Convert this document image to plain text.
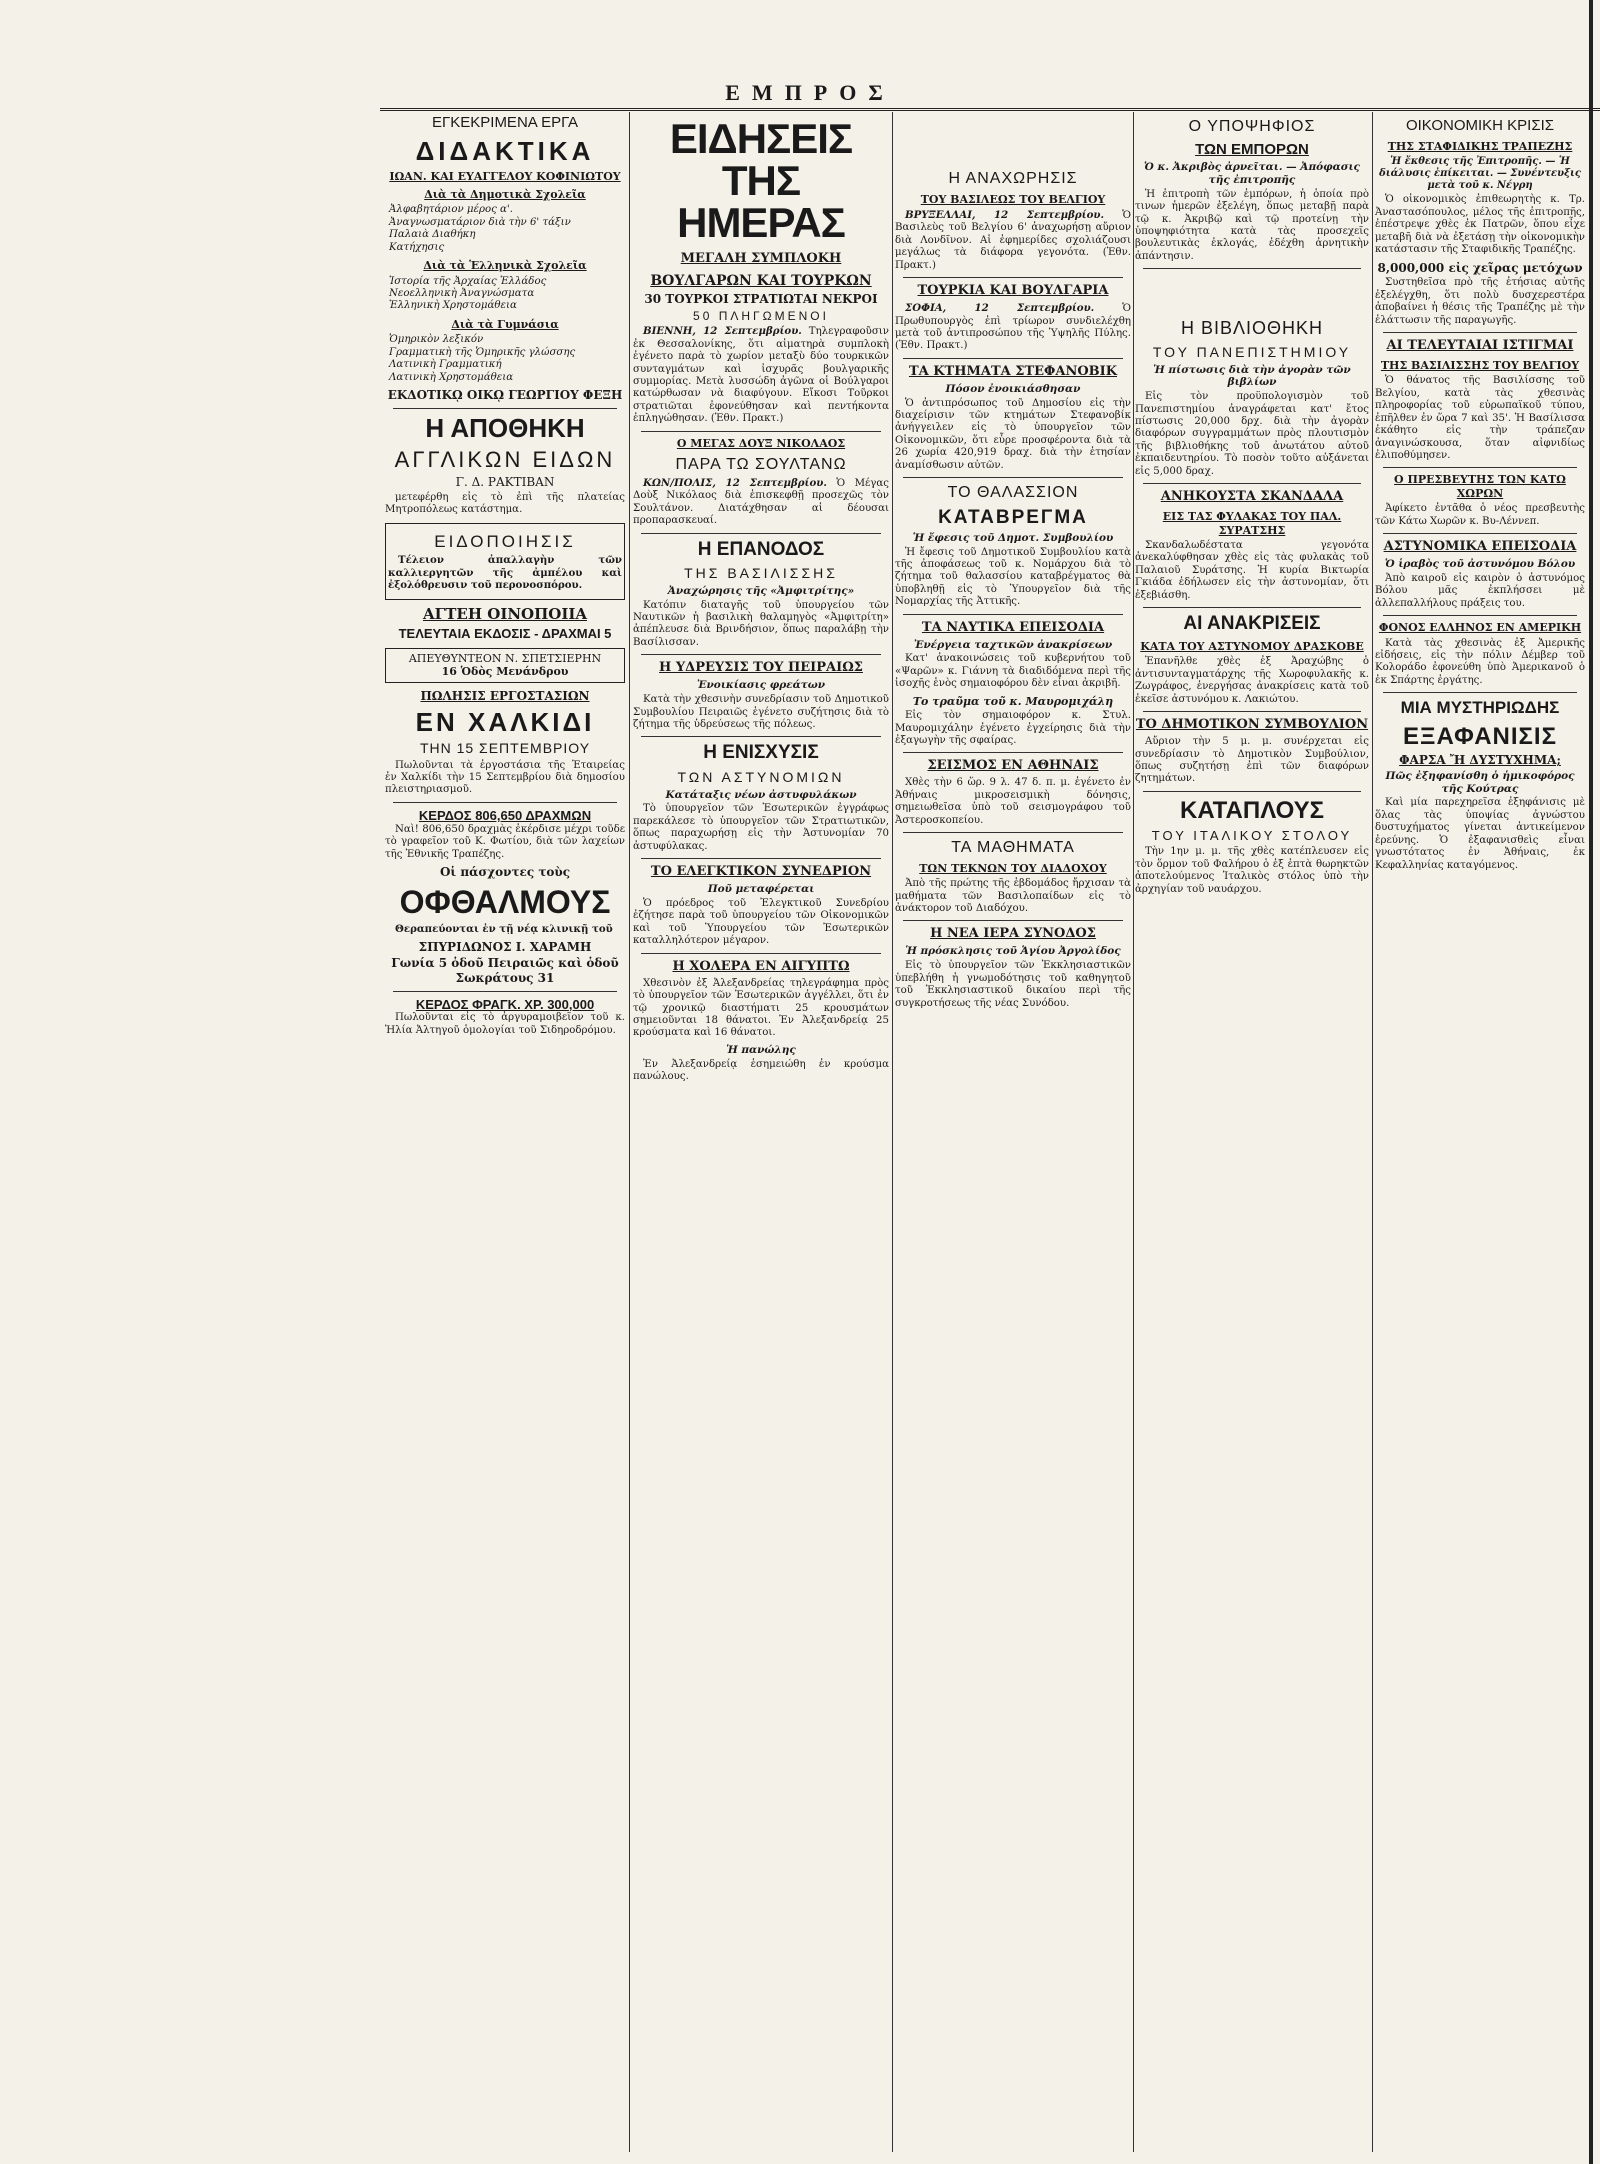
ΕΜΠΡΟΣ
ΕΓΚΕΚΡΙΜΕΝΑ ΕΡΓΑ
ΔΙΔΑΚΤΙΚΑ
ΙΩΑΝ. ΚΑΙ ΕΥΑΓΓΕΛΟΥ ΚΟΦΙΝΙΩΤΟΥ
Διὰ τὰ Δημοτικὰ Σχολεῖα
Ἀλφαβητάριον μέρος α'.
Ἀναγνωσματάριον διὰ τὴν 6' τάξιν
Παλαιὰ Διαθήκη
Κατήχησις
Διὰ τὰ Ἑλληνικὰ Σχολεῖα
Ἱστορία τῆς Ἀρχαίας Ἑλλάδος
Νεοελληνικὴ Ἀναγνώσματα
Ἑλληνικὴ Χρηστομάθεια
Διὰ τὰ Γυμνάσια
Ὁμηρικὸν λεξικόν
Γραμματικὴ τῆς Ὁμηρικῆς γλώσσης
Λατινικὴ Γραμματική
Λατινικὴ Χρηστομάθεια
ΕΚΔΟΤΙΚῼ ΟΙΚῼ ΓΕΩΡΓΙΟΥ ΦΕΞΗ
Η ΑΠΟΘΗΚΗ
ΑΓΓΛΙΚΩΝ ΕΙΔΩΝ
Γ. Δ. ΡΑΚΤΙΒΑΝ

μετεφέρθη εἰς τὸ ἐπὶ τῆς πλατείας Μητροπόλεως κατάστημα.

ΕΙΔΟΠΟΙΗΣΙΣ

Τέλειον ἀπαλλαγὴν τῶν καλλιεργητῶν τῆς ἀμπέλου καὶ ἐξολόθρευσιν τοῦ περονοσπόρου.

ΑΓΤΕΗ ΟΙΝΟΠΟΙΙΑ
ΤΕΛΕΥΤΑΙΑ ΕΚΔΟΣΙΣ - ΔΡΑΧΜΑΙ 5
ΑΠΕΥΘΥΝΤΕΟΝ Ν. ΣΠΕΤΣΙΕΡΗΝ
16 Ὁδὸς Μενάνδρου
ΠΩΛΗΣΙΣ ΕΡΓΟΣΤΑΣΙΩΝ
ΕΝ ΧΑΛΚΙΔΙ
ΤΗΝ 15 ΣΕΠΤΕΜΒΡΙΟΥ

Πωλοῦνται τὰ ἐργοστάσια τῆς Ἑταιρείας ἐν Χαλκίδι τὴν 15 Σεπτεμβρίου διὰ δημοσίου πλειστηριασμοῦ.

ΚΕΡΔΟΣ 806,650 ΔΡΑΧΜΩΝ

Ναὶ! 806,650 δραχμὰς ἐκέρδισε μέχρι τοῦδε τὸ γραφεῖον τοῦ Κ. Φωτίου, διὰ τῶν λαχείων τῆς Ἐθνικῆς Τραπέζης.

Οἱ πάσχοντες τοὺς
ΟΦΘΑΛΜΟΥΣ

Θεραπεύονται ἐν τῇ νέᾳ κλινικῇ τοῦ

ΣΠΥΡΙΔΩΝΟΣ Ι. ΧΑΡΑΜΗ
Γωνία 5 ὁδοῦ Πειραιῶς καὶ ὁδοῦ Σωκράτους 31
ΚΕΡΔΟΣ ΦΡΑΓΚ. ΧΡ. 300,000

Πωλοῦνται εἰς τὸ ἀργυραμοιβεῖον τοῦ κ. Ἠλία Ἀλτηγοῦ ὁμολογίαι τοῦ Σιδηροδρόμου.

ΕΙΔΗΣΕΙΣ ΤΗΣ ΗΜΕΡΑΣ
ΜΕΓΑΛΗ ΣΥΜΠΛΟΚΗ
ΒΟΥΛΓΑΡΩΝ ΚΑΙ ΤΟΥΡΚΩΝ
30 ΤΟΥΡΚΟΙ ΣΤΡΑΤΙΩΤΑΙ ΝΕΚΡΟΙ
50 ΠΛΗΓΩΜΕΝΟΙ

ΒΙΕΝΝΗ, 12 Σεπτεμβρίου. Τηλεγραφοῦσιν ἐκ Θεσσαλονίκης, ὅτι αἱματηρὰ συμπλοκὴ ἐγένετο παρὰ τὸ χωρίον μεταξὺ δύο τουρκικῶν συνταγμάτων καὶ ἰσχυρᾶς βουλγαρικῆς συμμορίας. Μετὰ λυσσώδη ἀγῶνα οἱ Βούλγαροι κατώρθωσαν νὰ διαφύγουν. Εἴκοσι Τοῦρκοι στρατιῶται ἐφονεύθησαν καὶ πεντήκοντα ἐπληγώθησαν. (Ἐθν. Πρακτ.)

Ο ΜΕΓΑΣ ΔΟΥΞ ΝΙΚΟΛΑΟΣ
ΠΑΡΑ ΤΩ ΣΟΥΛΤΑΝΩ

ΚΩΝ/ΠΟΛΙΣ, 12 Σεπτεμβρίου. Ὁ Μέγας Δοὺξ Νικόλαος διὰ ἐπισκεφθῇ προσεχῶς τὸν Σουλτάνον. Διατάχθησαν αἱ δέουσαι προπαρασκευαί.

Η ΕΠΑΝΟΔΟΣ
ΤΗΣ ΒΑΣΙΛΙΣΣΗΣ
Ἀναχώρησις τῆς «Ἀμφιτρίτης»

Κατόπιν διαταγῆς τοῦ ὑπουργείου τῶν Ναυτικῶν ἡ βασιλικὴ θαλαμηγὸς «Ἀμφιτρίτη» ἀπέπλευσε διὰ Βρινδήσιον, ὅπως παραλάβῃ τὴν Βασίλισσαν.

Η ΥΔΡΕΥΣΙΣ ΤΟΥ ΠΕΙΡΑΙΩΣ
Ἐνοικίασις φρεάτων

Κατὰ τὴν χθεσινὴν συνεδρίασιν τοῦ Δημοτικοῦ Συμβουλίου Πειραιῶς ἐγένετο συζήτησις διὰ τὸ ζήτημα τῆς ὑδρεύσεως τῆς πόλεως.

Η ΕΝΙΣΧΥΣΙΣ
ΤΩΝ ΑΣΤΥΝΟΜΙΩΝ
Κατάταξις νέων ἀστυφυλάκων

Τὸ ὑπουργεῖον τῶν Ἐσωτερικῶν ἐγγράφως παρεκάλεσε τὸ ὑπουργεῖον τῶν Στρατιωτικῶν, ὅπως παραχωρήσῃ εἰς τὴν Ἀστυνομίαν 70 ἀστυφύλακας.

ΤΟ ΕΛΕΓΚΤΙΚΟΝ ΣΥΝΕΔΡΙΟΝ
Ποῦ μεταφέρεται

Ὁ πρόεδρος τοῦ Ἐλεγκτικοῦ Συνεδρίου ἐζήτησε παρὰ τοῦ ὑπουργείου τῶν Οἰκονομικῶν καὶ τοῦ Ὑπουργείου τῶν Ἐσωτερικῶν καταλληλότερον μέγαρον.

Η ΧΟΛΕΡΑ ΕΝ ΑΙΓΥΠΤΩ

Χθεσινὸν ἐξ Ἀλεξανδρείας τηλεγράφημα πρὸς τὸ ὑπουργεῖον τῶν Ἐσωτερικῶν ἀγγέλλει, ὅτι ἐν τῷ χρονικῷ διαστήματι 25 κρουσμάτων σημειοῦνται 18 θάνατοι. Ἐν Ἀλεξανδρείᾳ 25 κρούσματα καὶ 16 θάνατοι.

Ἡ πανώλης

Ἐν Ἀλεξανδρείᾳ ἐσημειώθη ἐν κρούσμα πανώλους.

Η ΑΝΑΧΩΡΗΣΙΣ
ΤΟΥ ΒΑΣΙΛΕΩΣ ΤΟΥ ΒΕΛΓΙΟΥ

ΒΡΥΞΕΛΛΑΙ, 12 Σεπτεμβρίου. Ὁ Βασιλεὺς τοῦ Βελγίου 6' ἀναχωρήσῃ αὔριον διὰ Λονδῖνον. Αἱ ἐφημερίδες σχολιάζουσι μεγάλως τὰ διάφορα γεγονότα. (Ἐθν. Πρακτ.)

ΤΟΥΡΚΙΑ ΚΑΙ ΒΟΥΛΓΑΡΙΑ

ΣΟΦΙΑ, 12 Σεπτεμβρίου.	Ὁ Πρωθυπουργὸς ἐπὶ τρίωρον συνδιελέχθη μετὰ τοῦ ἀντιπροσώπου τῆς Ὑψηλῆς Πύλης. (Ἐθν. Πρακτ.)

ΤΑ ΚΤΗΜΑΤΑ ΣΤΕΦΑΝΟΒΙΚ
Πόσον ἐνοικιάσθησαν

Ὁ ἀντιπρόσωπος τοῦ Δημοσίου εἰς τὴν διαχείρισιν τῶν κτημάτων Στεφανοβίκ ἀνήγγειλεν εἰς τὸ ὑπουργεῖον τῶν Οἰκονομικῶν, ὅτι εὗρε προσφέροντα διὰ τὰ 26 χωρία 420,919 δραχ. διὰ τὴν ἐτησίαν ἀναμίσθωσιν αὐτῶν.

ΤΟ ΘΑΛΑΣΣΙΟΝ
ΚΑΤΑΒΡΕΓΜΑ
Ἡ ἔφεσις τοῦ Δημοτ. Συμβουλίου

Ἡ ἔφεσις τοῦ Δημοτικοῦ Συμβουλίου κατὰ τῆς ἀποφάσεως τοῦ κ. Νομάρχου διὰ τὸ ζήτημα τοῦ θαλασσίου καταβρέγματος θὰ ὑποβληθῇ εἰς τὸ Ὑπουργεῖον διὰ τῆς Νομαρχίας τῆς Ἀττικῆς.

ΤΑ ΝΑΥΤΙΚΑ ΕΠΕΙΣΟΔΙΑ
Ἐνέργεια ταχτικῶν ἀνακρίσεων

Κατ' ἀνακοινώσεις τοῦ κυβερνήτου τοῦ «Ψαρῶν» κ. Γιάννη τὰ διαδιδόμενα περὶ τῆς ἰσοχῆς ἑνὸς σημαιοφόρου δὲν εἶναι ἀκριβῆ.

Το τραῦμα τοῦ κ. Μαυρομιχάλη

Εἰς τὸν σημαιοφόρον κ. Στυλ. Μαυρομιχάλην ἐγένετο ἐγχείρησις διὰ τὴν ἐξαγωγὴν τῆς σφαίρας.

ΣΕΙΣΜΟΣ ΕΝ ΑΘΗΝΑΙΣ

Χθὲς τὴν 6 ὥρ. 9 λ. 47 δ. π. μ. ἐγένετο ἐν Ἀθήναις μικροσεισμικὴ δόνησις, σημειωθεῖσα ὑπὸ τοῦ σεισμογράφου τοῦ Ἀστεροσκοπείου.

ΤΑ ΜΑΘΗΜΑΤΑ
ΤΩΝ ΤΕΚΝΩΝ ΤΟΥ ΔΙΑΔΟΧΟΥ

Ἀπὸ τῆς πρώτης τῆς ἑβδομάδος ἤρχισαν τὰ μαθήματα τῶν Βασιλοπαίδων εἰς τὸ ἀνάκτορον τοῦ Διαδόχου.

Η ΝΕΑ ΙΕΡΑ ΣΥΝΟΔΟΣ
Ἡ πρόσκλησις τοῦ Ἁγίου Ἀργολίδος

Εἰς τὸ ὑπουργεῖον τῶν Ἐκκλησιαστικῶν ὑπεβλήθη ἡ γνωμοδότησις τοῦ καθηγητοῦ τοῦ Ἐκκλησιαστικοῦ δικαίου περὶ τῆς συγκροτήσεως τῆς νέας Συνόδου.

Ο ΥΠΟΨΗΦΙΟΣ
ΤΩΝ ΕΜΠΟΡΩΝ
Ὁ κ. Ἀκριβὸς ἀρνεῖται. — Ἀπόφασις τῆς ἐπιτροπῆς

Ἡ ἐπιτροπὴ τῶν ἐμπόρων, ἡ ὁποία πρὸ τινων ἡμερῶν ἐξελέγη, ὅπως μεταβῇ παρὰ τῷ κ. Ἀκριβῷ καὶ τῷ προτείνῃ τὴν ὑποψηφιότητα κατὰ τὰς προσεχεῖς βουλευτικὰς ἐκλογάς, ἐδέχθη ἀρνητικὴν ἀπάντησιν.

Η ΒΙΒΛΙΟΘΗΚΗ
ΤΟΥ ΠΑΝΕΠΙΣΤΗΜΙΟΥ
Ἡ πίστωσις διὰ τὴν ἀγορὰν τῶν βιβλίων

Εἰς τὸν προϋπολογισμὸν τοῦ Πανεπιστημίου ἀναγράφεται κατ' ἔτος πίστωσις 20,000 δρχ. διὰ τὴν ἀγορὰν διαφόρων συγγραμμάτων πρὸς πλουτισμὸν τῆς βιβλιοθήκης τοῦ ἀνωτάτου αὐτοῦ ἐκπαιδευτηρίου. Τὸ ποσὸν τοῦτο αὐξάνεται εἰς 5,000 δραχ.

ΑΝΗΚΟΥΣΤΑ ΣΚΑΝΔΑΛΑ
ΕΙΣ ΤΑΣ ΦΥΛΑΚΑΣ ΤΟΥ ΠΑΛ. ΣΥΡΑΤΣΗΣ

Σκανδαλωδέστατα γεγονότα ἀνεκαλύφθησαν χθὲς εἰς τὰς φυλακὰς τοῦ Παλαιοῦ Συράτσης. Ἡ κυρία Βικτωρία Γκιάδα ἐδήλωσεν εἰς τὴν ἀστυνομίαν, ὅτι ἐξεβιάσθη.

ΑΙ ΑΝΑΚΡΙΣΕΙΣ
ΚΑΤΑ ΤΟΥ ΑΣΤΥΝΟΜΟΥ ΔΡΑΣΚΟΒΕ

Ἐπανῆλθε χθὲς ἐξ Ἀραχώβης ὁ ἀντισυνταγματάρχης τῆς Χωροφυλακῆς κ. Ζωγράφος, ἐνεργήσας ἀνακρίσεις κατὰ τοῦ ἐκεῖσε ἀστυνόμου κ. Λακιώτου.

ΤΟ ΔΗΜΟΤΙΚΟΝ ΣΥΜΒΟΥΛΙΟΝ

Αὔριον τὴν 5 μ. μ. συνέρχεται εἰς συνεδρίασιν τὸ Δημοτικὸν Συμβούλιον, ὅπως συζητήσῃ ἐπὶ τῶν διαφόρων ζητημάτων.

ΚΑΤΑΠΛΟΥΣ
ΤΟΥ ΙΤΑΛΙΚΟΥ ΣΤΟΛΟΥ

Τὴν 1ην μ. μ. τῆς χθὲς κατέπλευσεν εἰς τὸν ὅρμον τοῦ Φαλήρου ὁ ἐξ ἑπτὰ θωρηκτῶν ἀποτελούμενος Ἰταλικὸς στόλος ὑπὸ τὴν ἀρχηγίαν τοῦ ναυάρχου.

ΟΙΚΟΝΟΜΙΚΗ ΚΡΙΣΙΣ
ΤΗΣ ΣΤΑΦΙΔΙΚΗΣ ΤΡΑΠΕΖΗΣ
Ἡ ἔκθεσις τῆς Ἐπιτροπῆς. — Ἡ διάλυσις ἐπίκειται. — Συνέντευξις μετὰ τοῦ κ. Νέγρη

Ὁ οἰκονομικὸς ἐπιθεωρητὴς κ. Τρ. Ἀναστασόπουλος, μέλος τῆς ἐπιτροπῆς, ἐπέστρεψε χθὲς ἐκ Πατρῶν, ὅπου εἶχε μεταβῆ διὰ νὰ ἐξετάσῃ τὴν οἰκονομικὴν κατάστασιν τῆς Σταφιδικῆς Τραπέζης.

8,000,000 εἰς χεῖρας μετόχων

Συστηθεῖσα πρὸ τῆς ἐτήσιας αὐτῆς ἐξελέγχθη, ὅτι πολὺ δυσχερεστέρα ἀποβαίνει ἡ θέσις τῆς Τραπέζης μὲ τὴν ἐλάττωσιν τῆς παραγωγῆς.

ΑΙ ΤΕΛΕΥΤΑΙΑΙ ΙΣΤΙΓΜΑΙ
ΤΗΣ ΒΑΣΙΛΙΣΣΗΣ ΤΟΥ ΒΕΛΓΙΟΥ

Ὁ θάνατος τῆς Βασιλίσσης τοῦ Βελγίου, κατὰ τὰς χθεσινὰς πληροφορίας τοῦ εὐρωπαϊκοῦ τύπου, ἐπῆλθεν ἐν ὥρα 7 καὶ 35'. Ἡ Βασίλισσα ἐκάθητο εἰς τὴν τράπεζαν ἀναγινώσκουσα, ὅταν αἰφνιδίως ἐλιποθύμησεν.

Ο ΠΡΕΣΒΕΥΤΗΣ ΤΩΝ ΚΑΤΩ ΧΩΡΩΝ

Ἀφίκετο ἐντᾶθα ὁ νέος πρεσβευτὴς τῶν Κάτω Χωρῶν κ. Βυ-Λέννεπ.

ΑΣΤΥΝΟΜΙΚΑ ΕΠΕΙΣΟΔΙΑ
Ὁ ἱραβὸς τοῦ ἀστυνόμου Βόλου

Ἀπὸ καιροῦ εἰς καιρὸν ὁ ἀστυνόμος Βόλου μᾶς ἐκπλήσσει μὲ ἀλλεπαλλήλους πράξεις του.

ΦΟΝΟΣ ΕΛΛΗΝΟΣ ΕΝ ΑΜΕΡΙΚΗ

Κατὰ τὰς χθεσινὰς ἐξ Ἀμερικῆς εἰδήσεις, εἰς τὴν πόλιν Δέμβερ τοῦ Κολοράδο ἐφονεύθη ὑπὸ Ἀμερικανοῦ ὁ ἐκ Σπάρτης ἐργάτης.

ΜΙΑ ΜΥΣΤΗΡΙΩΔΗΣ
ΕΞΑΦΑΝΙΣΙΣ
ΦΑΡΣΑ Ἤ ΔΥΣΤΥΧΗΜΑ;
Πῶς ἐξηφανίσθη ὁ ἡμικοφόρος τῆς Κούτρας

Καὶ μία παρεχηρεῖσα ἐξηφάνισις μὲ ὅλας τὰς ὑποψίας ἀγνώστου δυστυχήματος γίνεται ἀντικείμενον ἐρεύνης. Ὁ ἐξαφανισθεὶς εἶναι γνωστότατος ἐν Ἀθήναις, ἐκ Κεφαλληνίας καταγόμενος.
